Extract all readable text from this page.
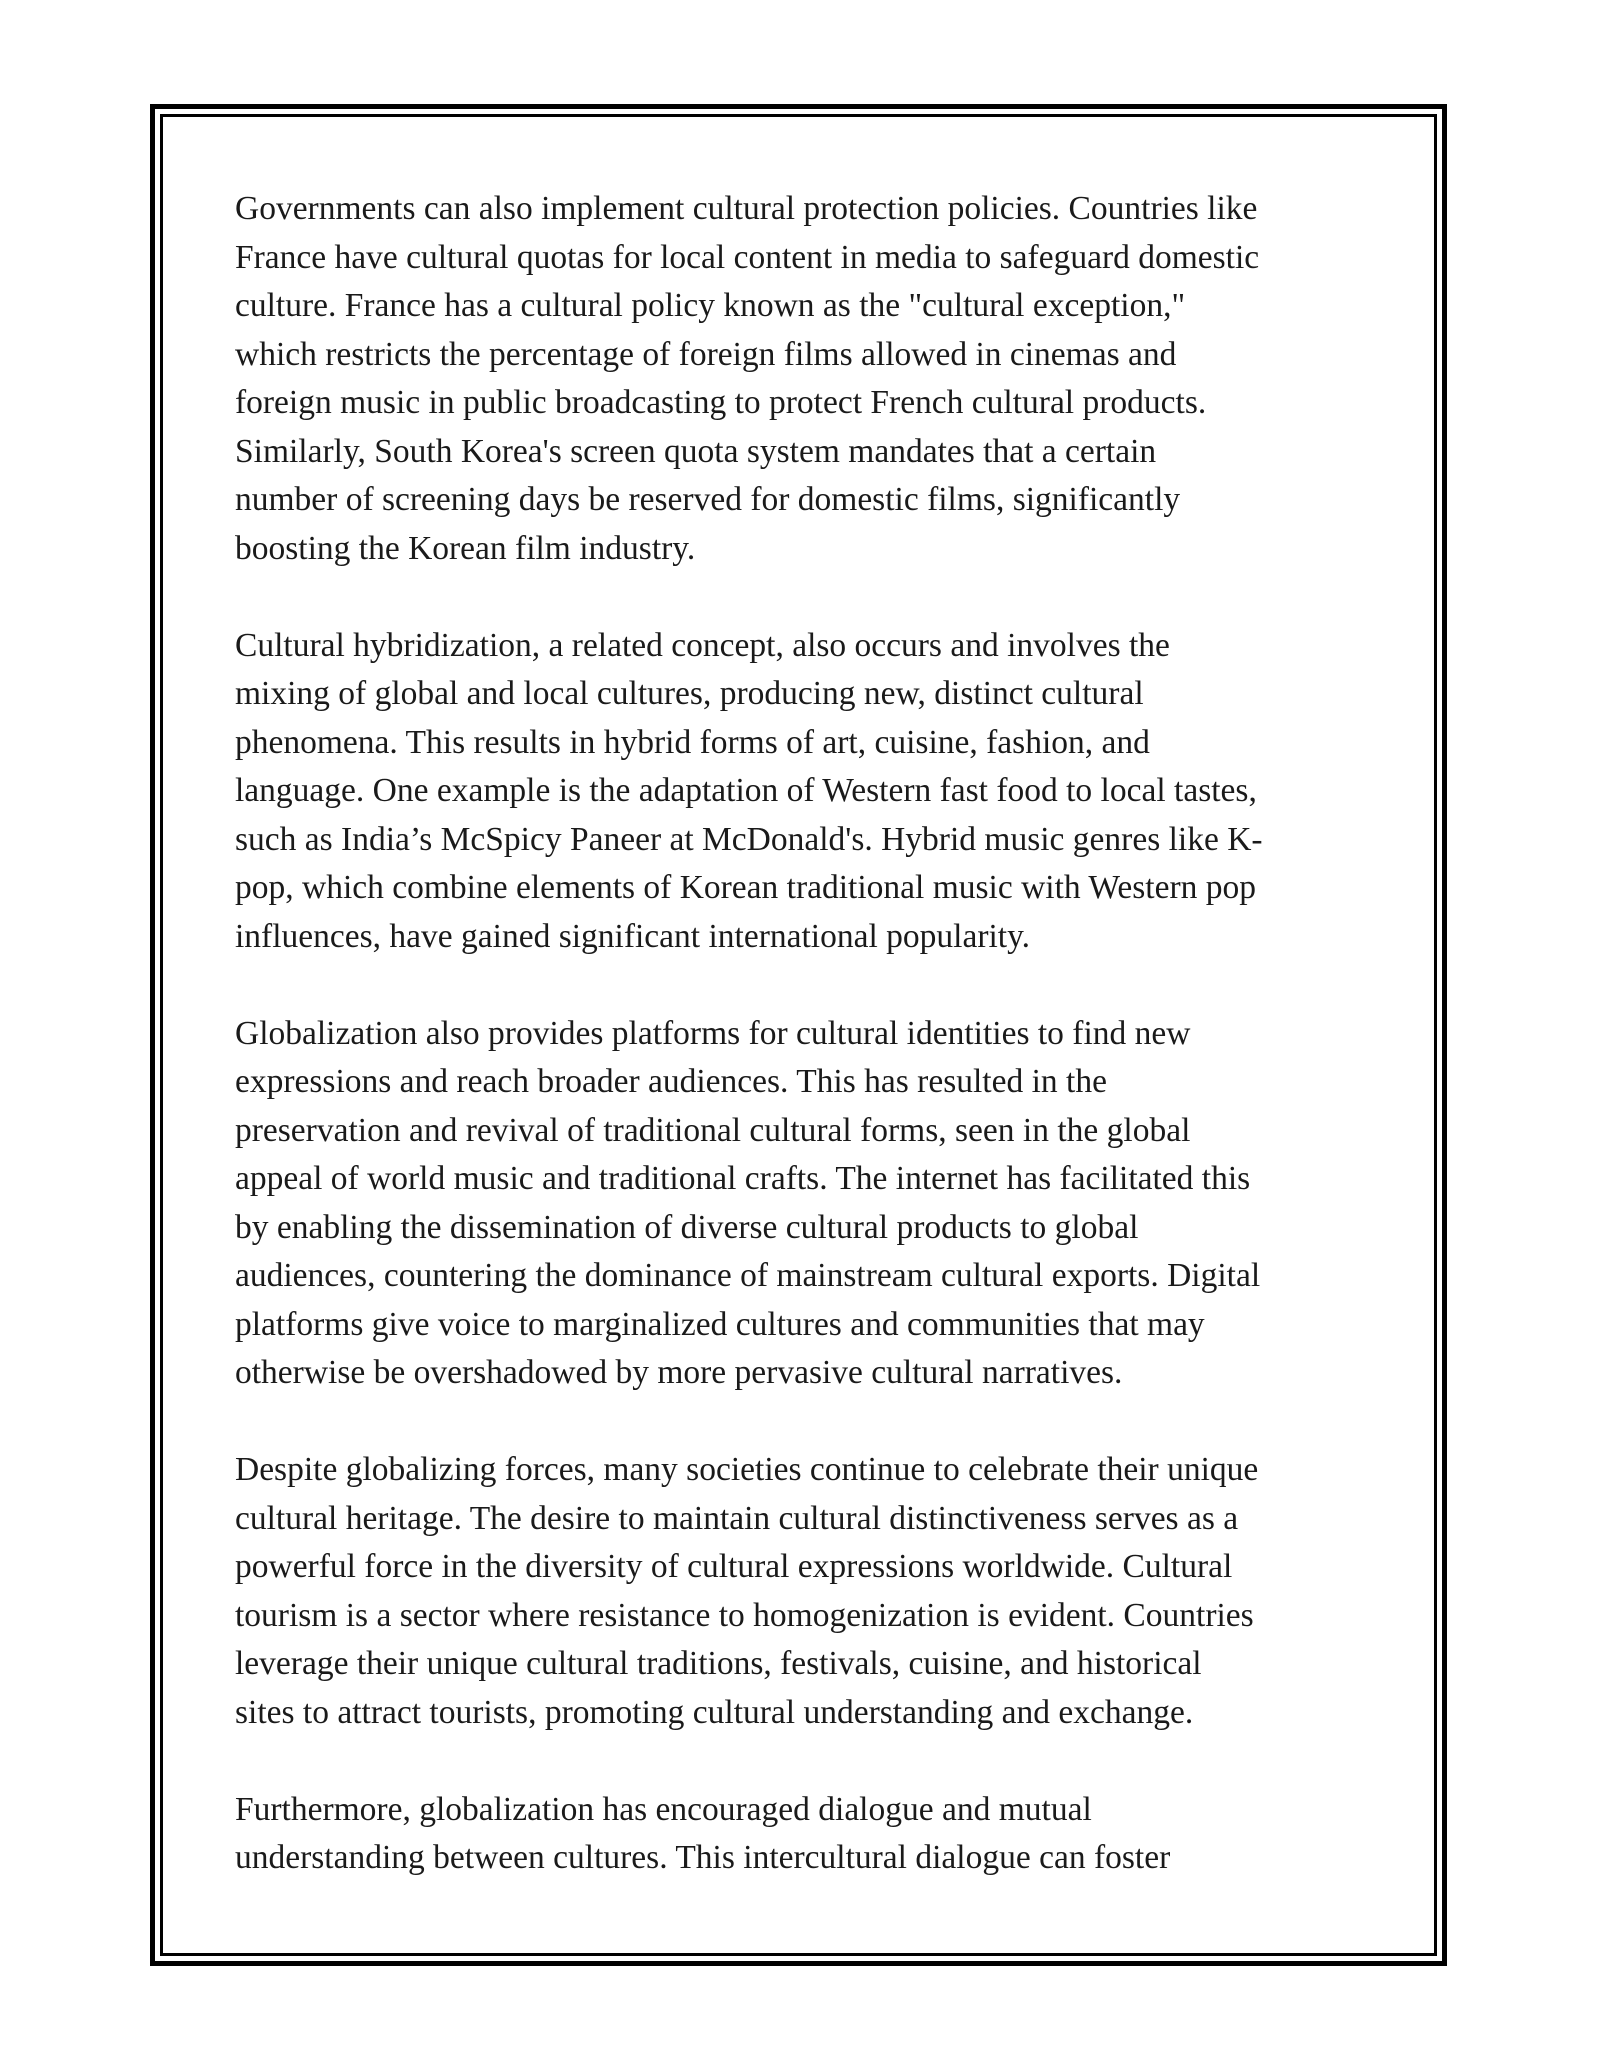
Governments can also implement cultural protection policies. Countries like
France have cultural quotas for local content in media to safeguard domestic
culture. France has a cultural policy known as the "cultural exception,"
which restricts the percentage of foreign films allowed in cinemas and
foreign music in public broadcasting to protect French cultural products.
Similarly, South Korea's screen quota system mandates that a certain
number of screening days be reserved for domestic films, significantly
boosting the Korean film industry.

Cultural hybridization, a related concept, also occurs and involves the
mixing of global and local cultures, producing new, distinct cultural
phenomena. This results in hybrid forms of art, cuisine, fashion, and
language. One example is the adaptation of Western fast food to local tastes,
such as India’s McSpicy Paneer at McDonald's. Hybrid music genres like K-
pop, which combine elements of Korean traditional music with Western pop
influences, have gained significant international popularity.

Globalization also provides platforms for cultural identities to find new
expressions and reach broader audiences. This has resulted in the
preservation and revival of traditional cultural forms, seen in the global
appeal of world music and traditional crafts. The internet has facilitated this
by enabling the dissemination of diverse cultural products to global
audiences, countering the dominance of mainstream cultural exports. Digital
platforms give voice to marginalized cultures and communities that may
otherwise be overshadowed by more pervasive cultural narratives.

Despite globalizing forces, many societies continue to celebrate their unique
cultural heritage. The desire to maintain cultural distinctiveness serves as a
powerful force in the diversity of cultural expressions worldwide. Cultural
tourism is a sector where resistance to homogenization is evident. Countries
leverage their unique cultural traditions, festivals, cuisine, and historical
sites to attract tourists, promoting cultural understanding and exchange.

Furthermore, globalization has encouraged dialogue and mutual
understanding between cultures. This intercultural dialogue can foster
